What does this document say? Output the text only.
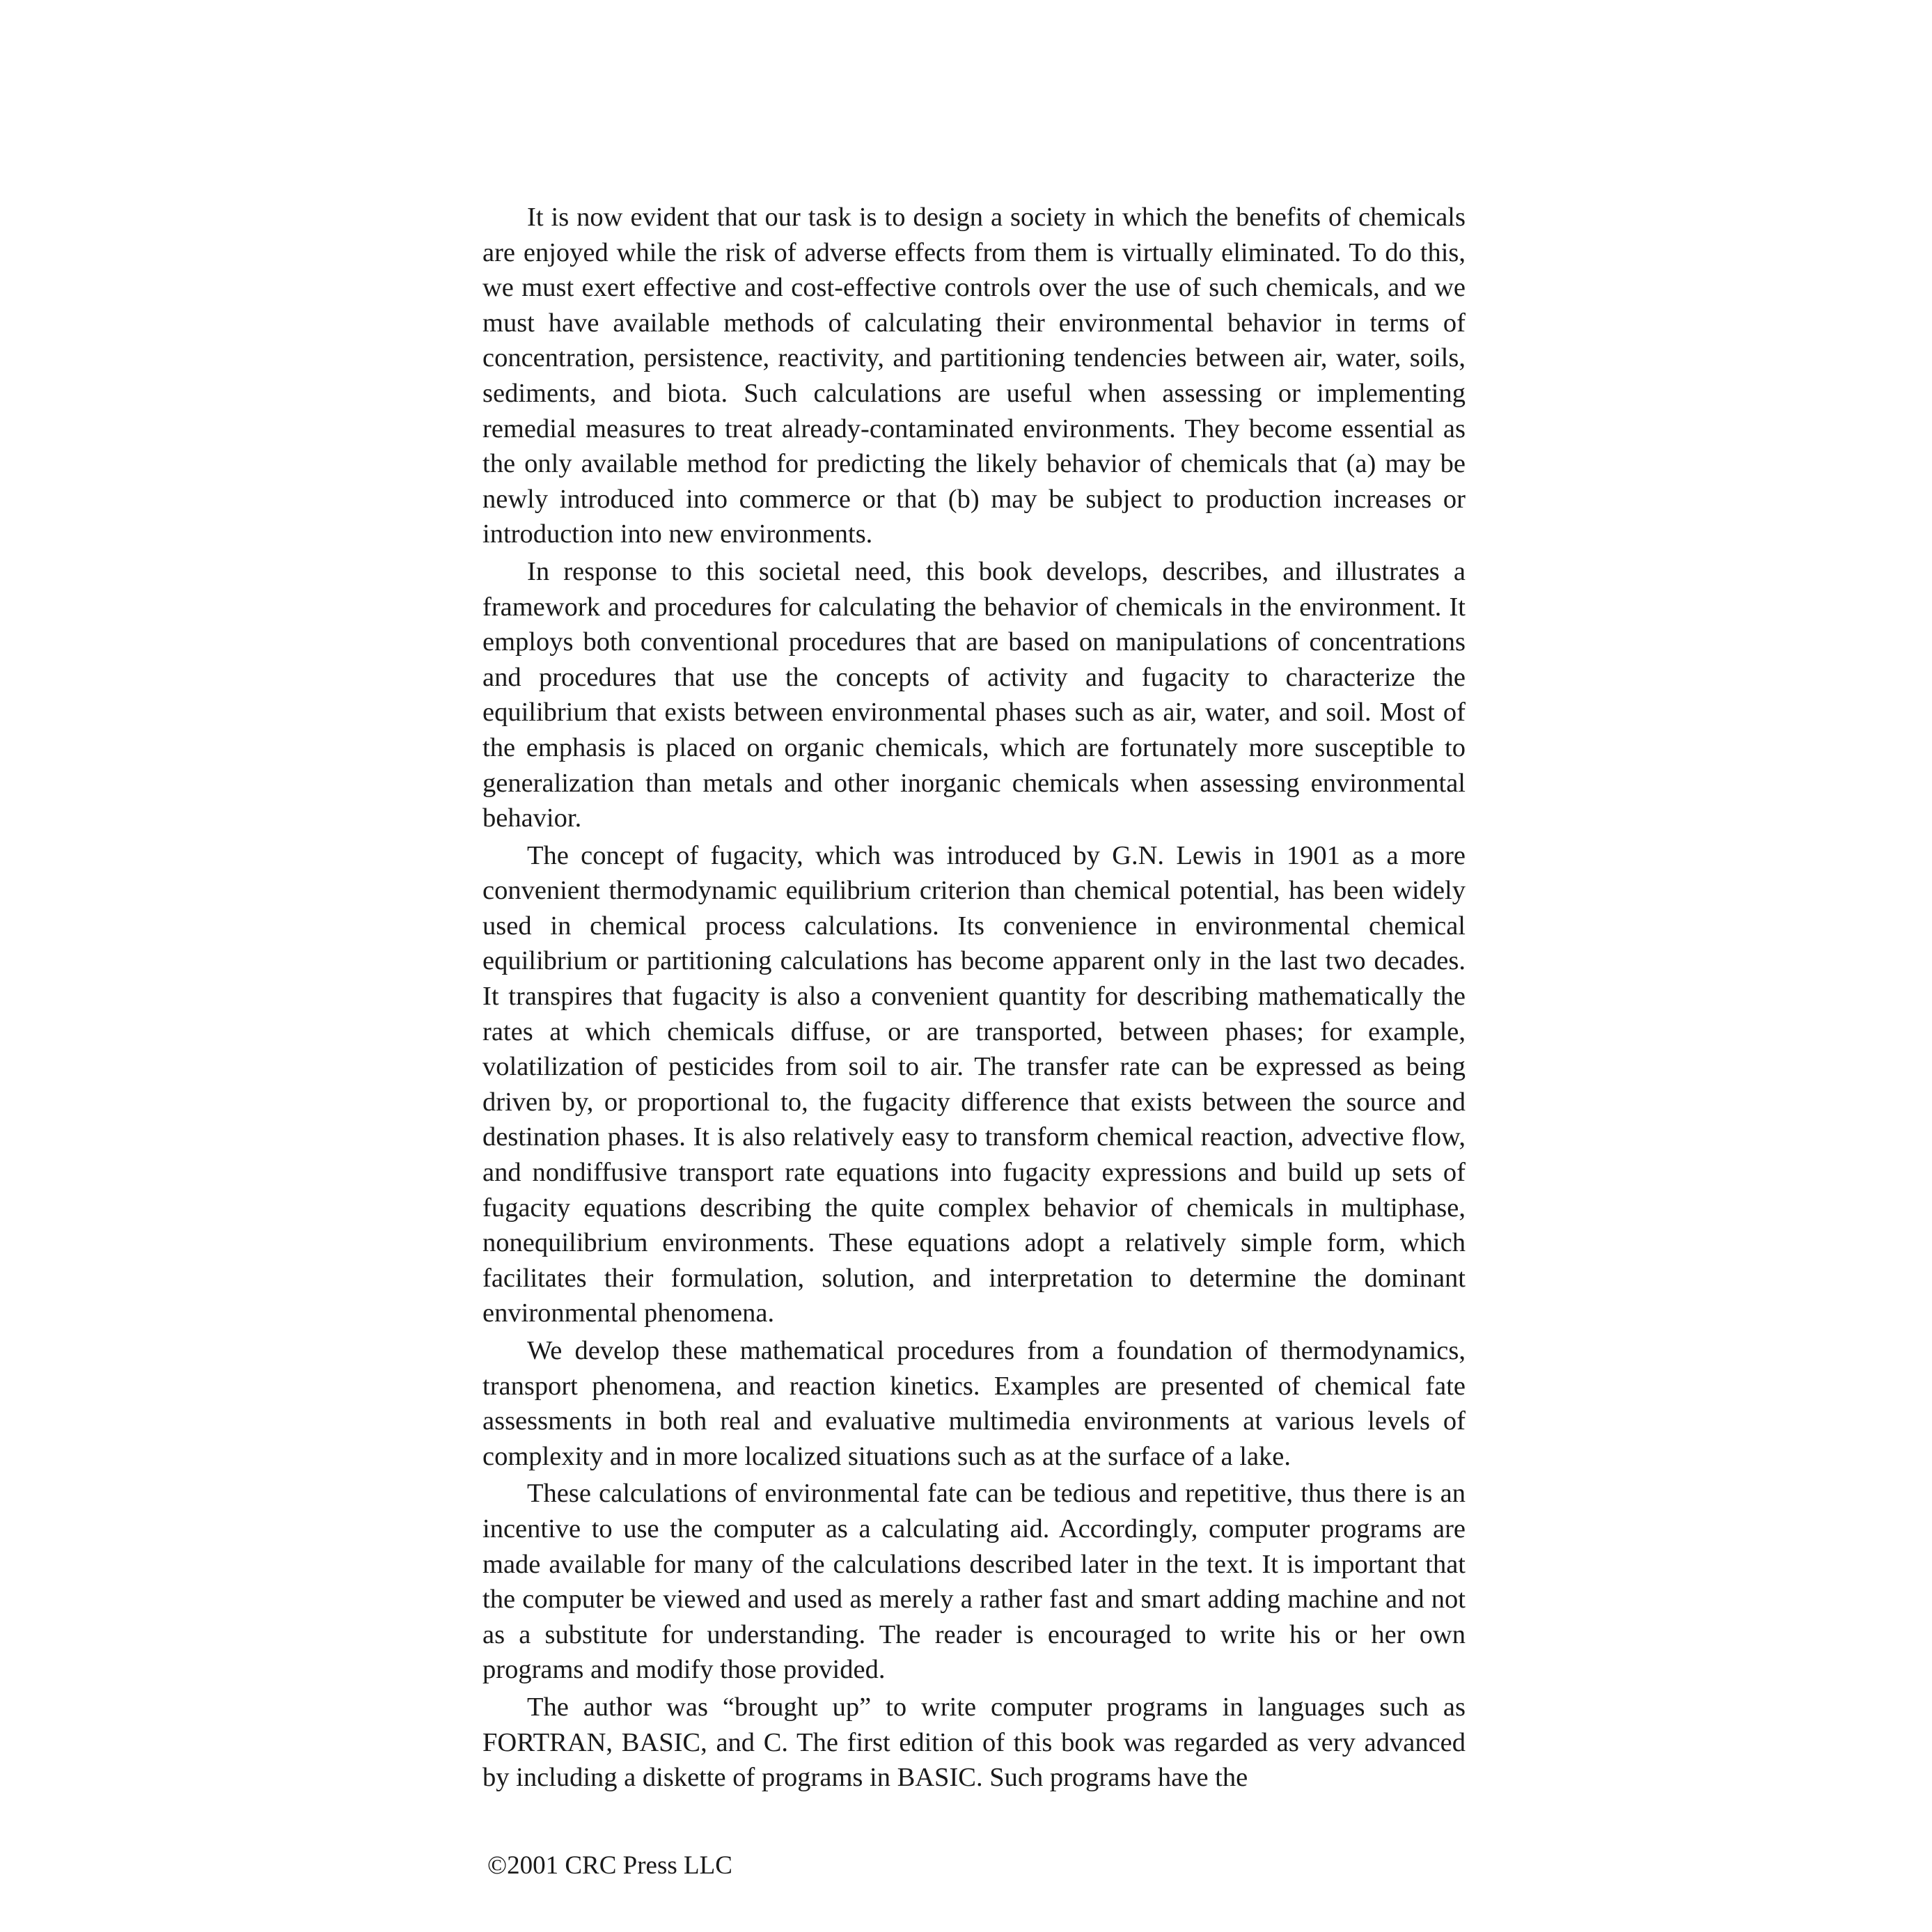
It is now evident that our task is to design a society in which the benefits of chemicals are enjoyed while the risk of adverse effects from them is virtually eliminated. To do this, we must exert effective and cost-effective controls over the use of such chemicals, and we must have available methods of calculating their environmental behavior in terms of concentration, persistence, reactivity, and partitioning tendencies between air, water, soils, sediments, and biota. Such calculations are useful when assessing or implementing remedial measures to treat already-contaminated environments. They become essential as the only available method for predicting the likely behavior of chemicals that (a) may be newly introduced into commerce or that (b) may be subject to production increases or introduction into new environments.

In response to this societal need, this book develops, describes, and illustrates a framework and procedures for calculating the behavior of chemicals in the environment. It employs both conventional procedures that are based on manipulations of concentrations and procedures that use the concepts of activity and fugacity to characterize the equilibrium that exists between environmental phases such as air, water, and soil. Most of the emphasis is placed on organic chemicals, which are fortunately more susceptible to generalization than metals and other inorganic chemicals when assessing environmental behavior.

The concept of fugacity, which was introduced by G.N. Lewis in 1901 as a more convenient thermodynamic equilibrium criterion than chemical potential, has been widely used in chemical process calculations. Its convenience in environmental chemical equilibrium or partitioning calculations has become apparent only in the last two decades. It transpires that fugacity is also a convenient quantity for describing mathematically the rates at which chemicals diffuse, or are transported, between phases; for example, volatilization of pesticides from soil to air. The transfer rate can be expressed as being driven by, or proportional to, the fugacity difference that exists between the source and destination phases. It is also relatively easy to transform chemical reaction, advective flow, and nondiffusive transport rate equations into fugacity expressions and build up sets of fugacity equations describing the quite complex behavior of chemicals in multiphase, nonequilibrium environments. These equations adopt a relatively simple form, which facilitates their formulation, solution, and interpretation to determine the dominant environmental phenomena.

We develop these mathematical procedures from a foundation of thermodynamics, transport phenomena, and reaction kinetics. Examples are presented of chemical fate assessments in both real and evaluative multimedia environments at various levels of complexity and in more localized situations such as at the surface of a lake.

These calculations of environmental fate can be tedious and repetitive, thus there is an incentive to use the computer as a calculating aid. Accordingly, computer programs are made available for many of the calculations described later in the text. It is important that the computer be viewed and used as merely a rather fast and smart adding machine and not as a substitute for understanding. The reader is encouraged to write his or her own programs and modify those provided.

The author was “brought up” to write computer programs in languages such as FORTRAN, BASIC, and C. The first edition of this book was regarded as very advanced by including a diskette of programs in BASIC. Such programs have the

©2001 CRC Press LLC
